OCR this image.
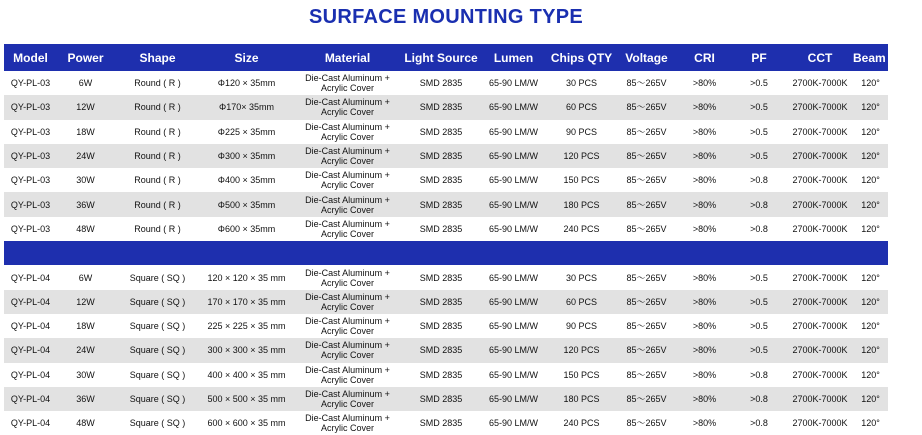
SURFACE MOUNTING TYPE
Model	Power	Shape	Size	Material	Light Source	Lumen	Chips QTY	Voltage	CRI	PF	CCT	Beam Angle
QY-PL-03	6W	Round ( R )	Φ120 × 35mm	Die-Cast Aluminum + Acrylic Cover	SMD 2835	65-90 LM/W	30 PCS	85～265V	>80%	>0.5	2700K-7000K	120°
QY-PL-03	12W	Round ( R )	Φ170× 35mm	Die-Cast Aluminum + Acrylic Cover	SMD 2835	65-90 LM/W	60 PCS	85～265V	>80%	>0.5	2700K-7000K	120°
QY-PL-03	18W	Round ( R )	Φ225 × 35mm	Die-Cast Aluminum + Acrylic Cover	SMD 2835	65-90 LM/W	90 PCS	85～265V	>80%	>0.5	2700K-7000K	120°
QY-PL-03	24W	Round ( R )	Φ300 × 35mm	Die-Cast Aluminum + Acrylic Cover	SMD 2835	65-90 LM/W	120 PCS	85～265V	>80%	>0.5	2700K-7000K	120°
QY-PL-03	30W	Round ( R )	Φ400 × 35mm	Die-Cast Aluminum + Acrylic Cover	SMD 2835	65-90 LM/W	150 PCS	85～265V	>80%	>0.8	2700K-7000K	120°
QY-PL-03	36W	Round ( R )	Φ500 × 35mm	Die-Cast Aluminum + Acrylic Cover	SMD 2835	65-90 LM/W	180 PCS	85～265V	>80%	>0.8	2700K-7000K	120°
QY-PL-03	48W	Round ( R )	Φ600 × 35mm	Die-Cast Aluminum + Acrylic Cover	SMD 2835	65-90 LM/W	240 PCS	85～265V	>80%	>0.8	2700K-7000K	120°

QY-PL-04	6W	Square ( SQ )	120 × 120 × 35 mm	Die-Cast Aluminum + Acrylic Cover	SMD 2835	65-90 LM/W	30 PCS	85～265V	>80%	>0.5	2700K-7000K	120°
QY-PL-04	12W	Square ( SQ )	170 × 170 × 35 mm	Die-Cast Aluminum + Acrylic Cover	SMD 2835	65-90 LM/W	60 PCS	85～265V	>80%	>0.5	2700K-7000K	120°
QY-PL-04	18W	Square ( SQ )	225 × 225 × 35 mm	Die-Cast Aluminum + Acrylic Cover	SMD 2835	65-90 LM/W	90 PCS	85～265V	>80%	>0.5	2700K-7000K	120°
QY-PL-04	24W	Square ( SQ )	300 × 300 × 35 mm	Die-Cast Aluminum + Acrylic Cover	SMD 2835	65-90 LM/W	120 PCS	85～265V	>80%	>0.5	2700K-7000K	120°
QY-PL-04	30W	Square ( SQ )	400 × 400 × 35 mm	Die-Cast Aluminum + Acrylic Cover	SMD 2835	65-90 LM/W	150 PCS	85～265V	>80%	>0.8	2700K-7000K	120°
QY-PL-04	36W	Square ( SQ )	500 × 500 × 35 mm	Die-Cast Aluminum + Acrylic Cover	SMD 2835	65-90 LM/W	180 PCS	85～265V	>80%	>0.8	2700K-7000K	120°
QY-PL-04	48W	Square ( SQ )	600 × 600 × 35 mm	Die-Cast Aluminum + Acrylic Cover	SMD 2835	65-90 LM/W	240 PCS	85～265V	>80%	>0.8	2700K-7000K	120°
